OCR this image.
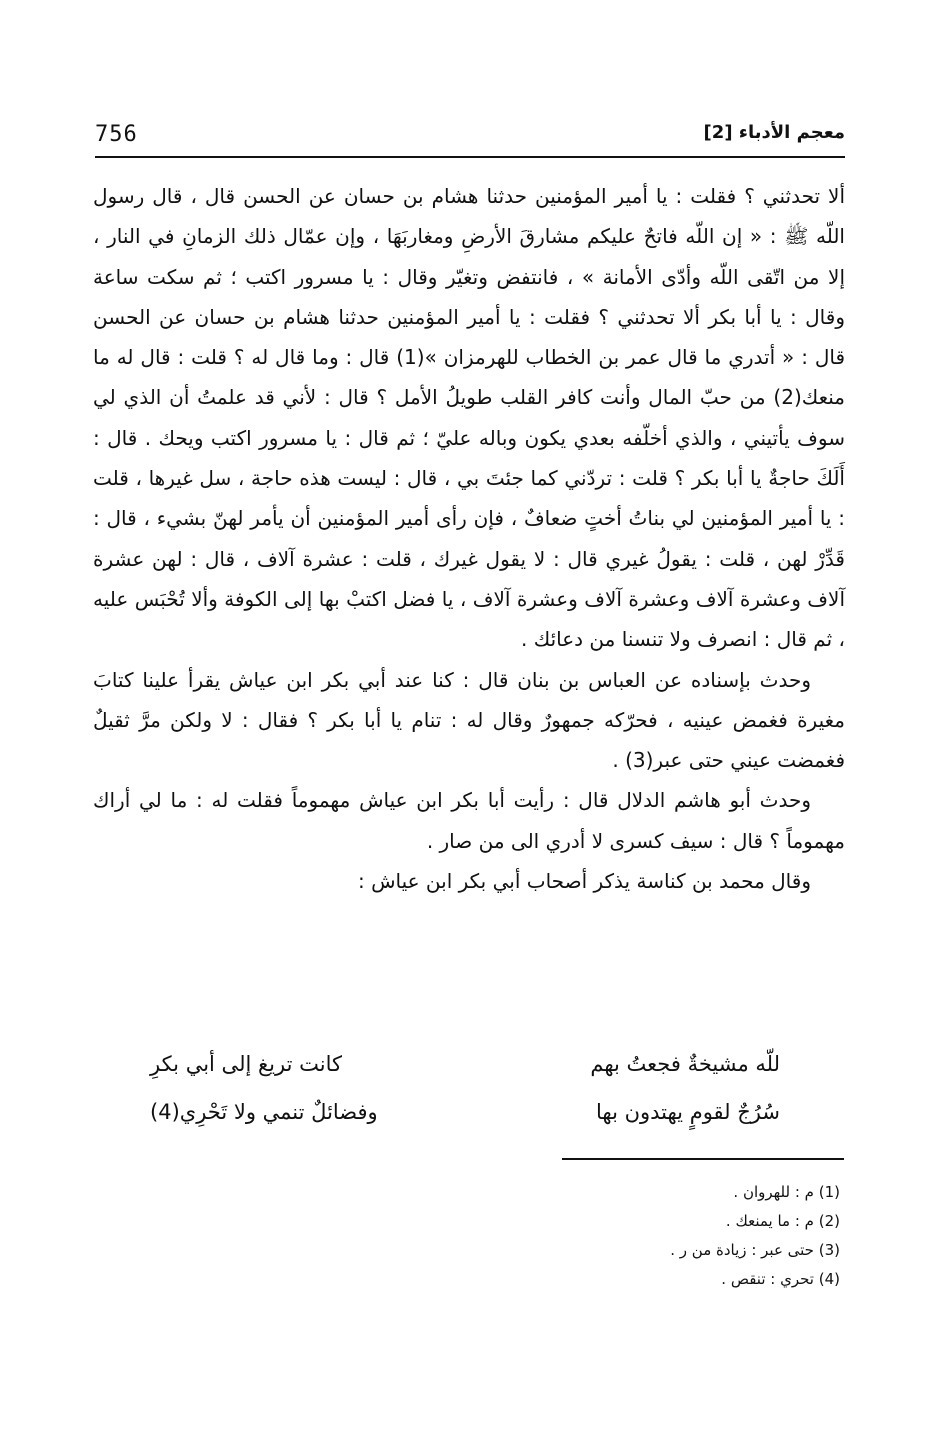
756	معجم الأدباء [2]

ألا تحدثني ؟ فقلت : يا أمير المؤمنين حدثنا هشام بن حسان عن الحسن قال ، قال رسول اللّه ﷺ : « إن اللّه فاتحٌ عليكم مشارقَ الأرضِ ومغاربَهَا ، وإن عمّال ذلك الزمانِ في النار ، إلا من اتّقى اللّه وأدّى الأمانة » ، فانتفض وتغيّر وقال : يا مسرور اكتب ؛ ثم سكت ساعة وقال : يا أبا بكر ألا تحدثني ؟ فقلت : يا أمير المؤمنين حدثنا هشام بن حسان عن الحسن قال : « أتدري ما قال عمر بن الخطاب للهرمزان »(1) قال : وما قال له ؟ قلت : قال له ما منعك(2) من حبّ المال وأنت كافر القلب طويلُ الأمل ؟ قال : لأني قد علمتُ أن الذي لي سوف يأتيني ، والذي أخلّفه بعدي يكون وباله عليّ ؛ ثم قال : يا مسرور اكتب ويحك . قال : أَلَكَ حاجةٌ يا أبا بكر ؟ قلت : تردّني كما جئتَ بي ، قال : ليست هذه حاجة ، سل غيرها ، قلت : يا أمير المؤمنين لي بناتُ أختٍ ضعافٌ ، فإن رأى أمير المؤمنين أن يأمر لهنّ بشيء ، قال : قَدِّرْ لهن ، قلت : يقولُ غيري قال : لا يقول غيرك ، قلت : عشرة آلاف ، قال : لهن عشرة آلاف وعشرة آلاف وعشرة آلاف وعشرة آلاف ، يا فضل اكتبْ بها إلى الكوفة وألا تُحْبَس عليه ، ثم قال : انصرف ولا تنسنا من دعائك .

وحدث بإسناده عن العباس بن بنان قال : كنا عند أبي بكر ابن عياش يقرأ علينا كتابَ مغيرة فغمض عينيه ، فحرّكه جمهورٌ وقال له : تنام يا أبا بكر ؟ فقال : لا ولكن مرَّ ثقيلٌ فغمضت عيني حتى عبر(3) .

وحدث أبو هاشم الدلال قال : رأيت أبا بكر ابن عياش مهموماً فقلت له : ما لي أراك مهموماً ؟ قال : سيف كسرى لا أدري الى من صار .

وقال محمد بن كناسة يذكر أصحاب أبي بكر ابن عياش :

للّه مشيخةٌ فجعتُ بهم
كانت تريغ إلى أبي بكرِ
سُرُجٌ لقومٍ يهتدون بها
وفضائلٌ تنمي ولا تَحْرِي(4)
(1) م : للهروان .
(2) م : ما يمنعك .
(3) حتى عبر : زيادة من ر .
(4) تحري : تنقص .
